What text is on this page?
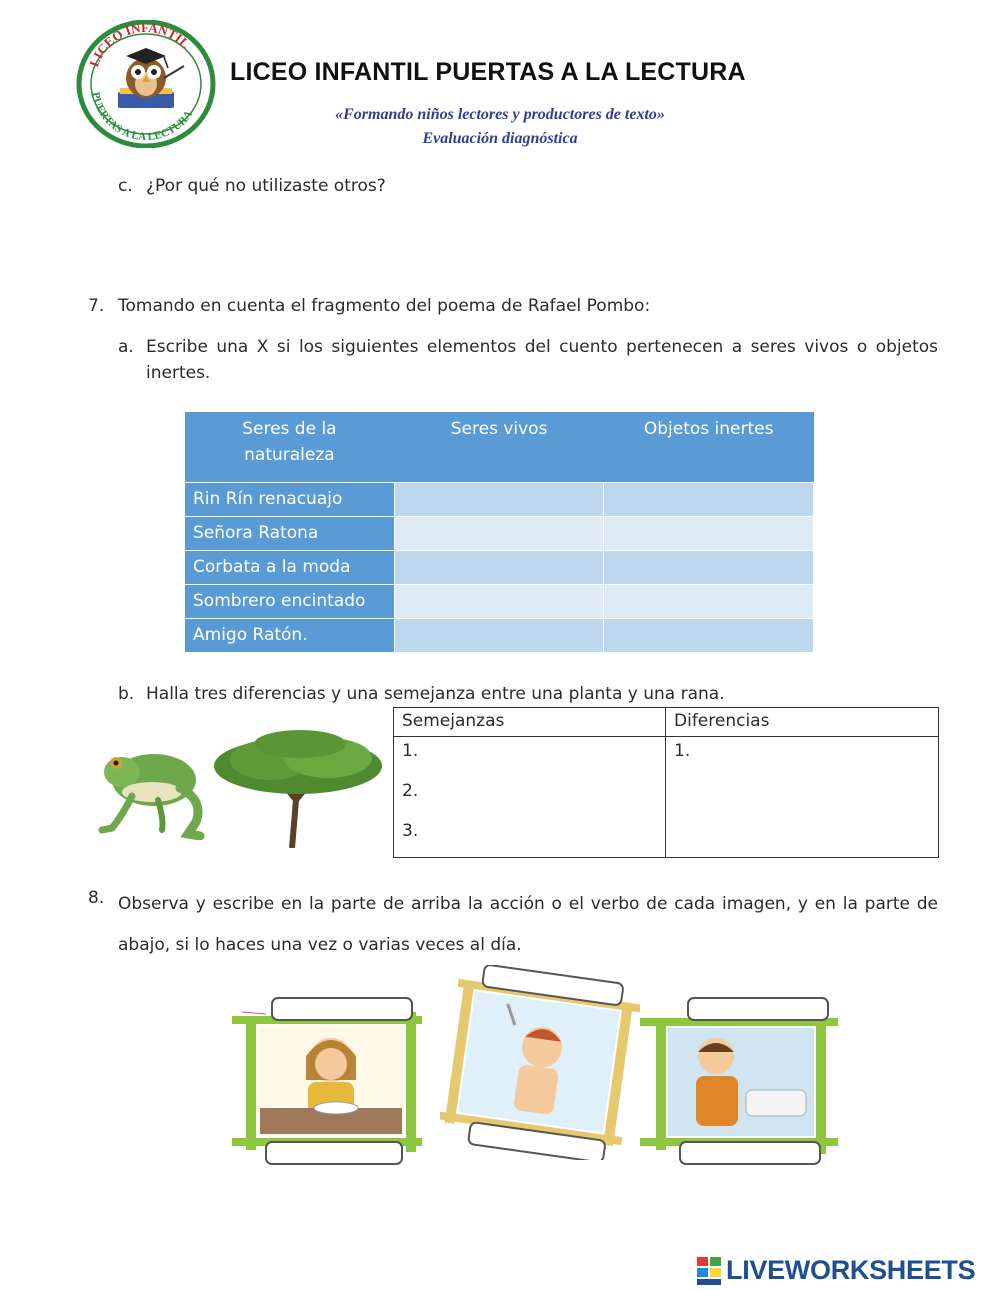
LICEO INFANTIL
PUERTAS A LA LECTURA
LICEO INFANTIL PUERTAS A LA LECTURA
«Formando niños lectores y productores de texto»
Evaluación diagnóstica
c. ¿Por qué no utilizaste otros?
7. Tomando en cuenta el fragmento del poema de Rafael Pombo:
a. Escribe una X si los siguientes elementos del cuento pertenecen a seres vivos o objetos inertes.
Seres de la naturaleza	Seres vivos	Objetos inertes
Rin Rín renacuajo		
Señora Ratona		
Corbata a la moda		
Sombrero encintado		
Amigo Ratón.		
b. Halla tres diferencias y una semejanza entre una planta y una rana.
Semejanzas	Diferencias

1.
2.
3.	1.
8. Observa y escribe en la parte de arriba la acción o el verbo de cada imagen, y en la parte de abajo, si lo haces una vez o varias veces al día.
LIVEWORKSHEETS
